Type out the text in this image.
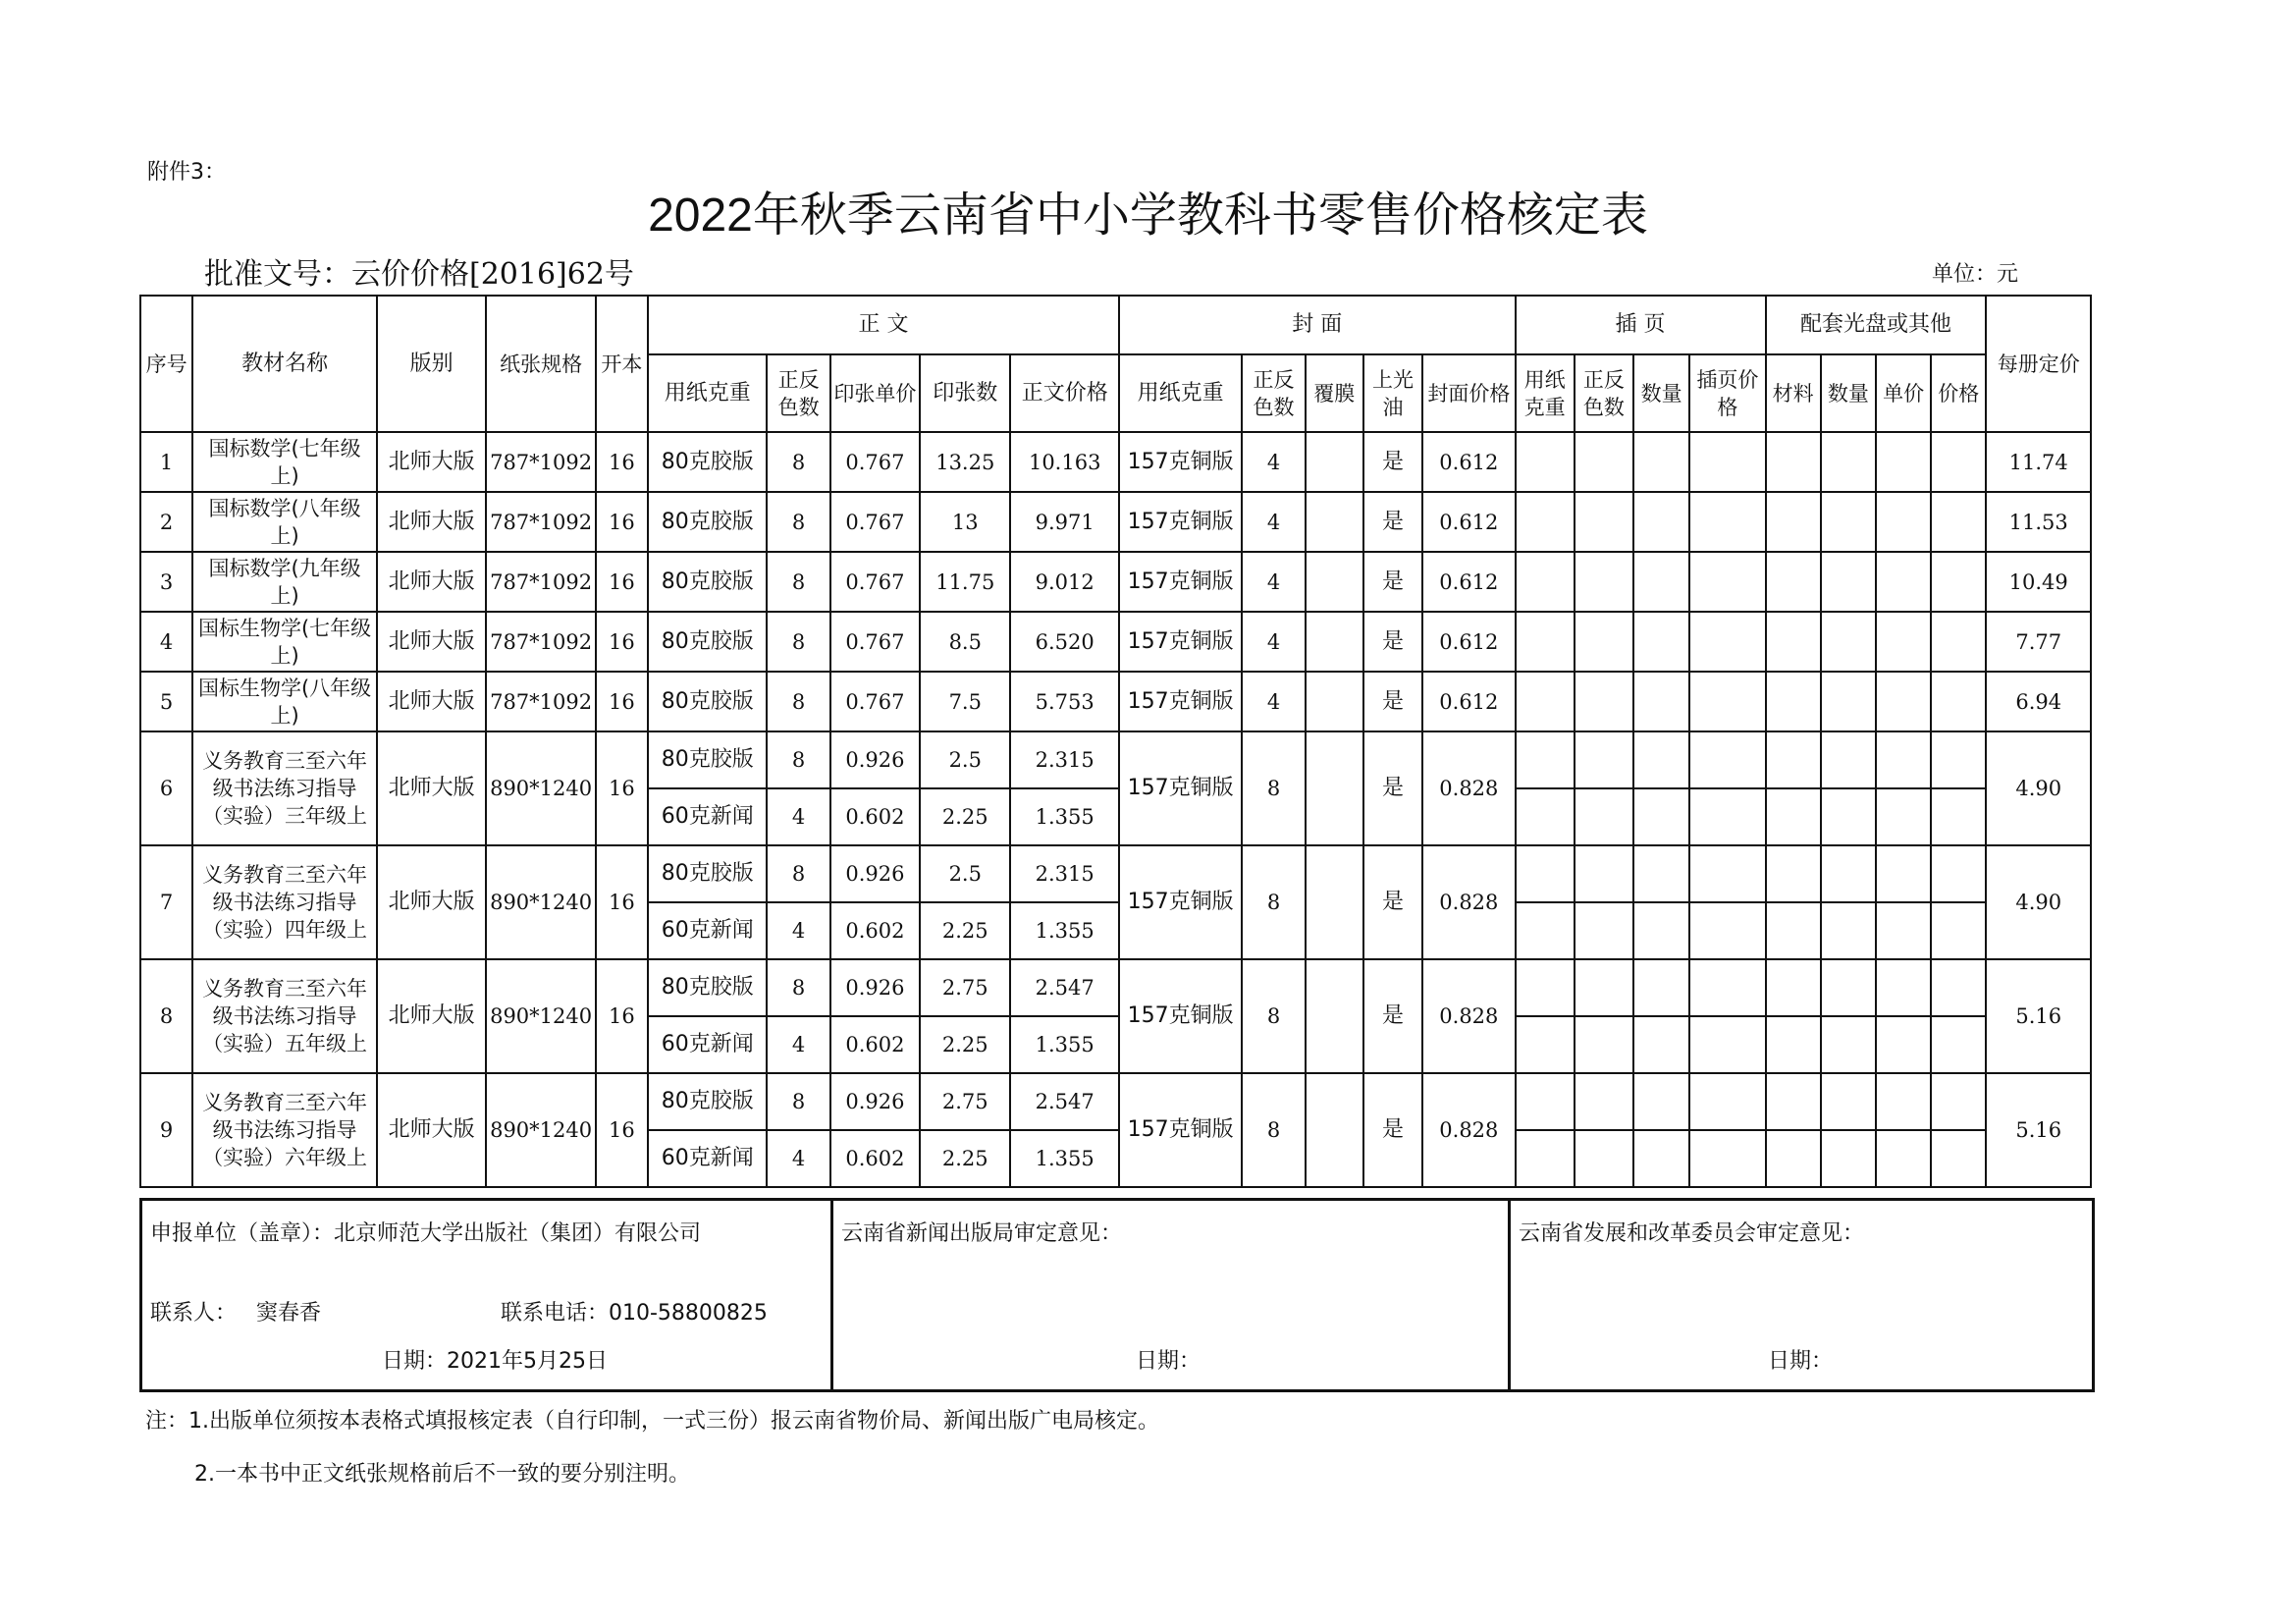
附件3：
2022年秋季云南省中小学教科书零售价格核定表
批准文号：云价价格[2016]62号	单位：元
序号	教材名称	版别	纸张规格	开本	正 文					封 面					插 页				配套光盘或其他				每册定价
					用纸克重	正反色数	印张单价	印张数	正文价格	用纸克重	正反色数	覆膜	上光油	封面价格	用纸克重	正反色数	数量	插页价格	材料	数量	单价	价格	
1	国标数学(七年级上)	北师大版	787*1092	16	80克胶版	8	0.767	13.25	10.163	157克铜版	4		是	0.612									11.74
2	国标数学(八年级上)	北师大版	787*1092	16	80克胶版	8	0.767	13	9.971	157克铜版	4		是	0.612									11.53
3	国标数学(九年级上)	北师大版	787*1092	16	80克胶版	8	0.767	11.75	9.012	157克铜版	4		是	0.612									10.49
4	国标生物学(七年级上)	北师大版	787*1092	16	80克胶版	8	0.767	8.5	6.520	157克铜版	4		是	0.612									7.77
5	国标生物学(八年级上)	北师大版	787*1092	16	80克胶版	8	0.767	7.5	5.753	157克铜版	4		是	0.612									6.94
6	义务教育三至六年级书法练习指导（实验）三年级上	北师大版	890*1240	16	80克胶版	8	0.926	2.5	2.315	157克铜版	8		是	0.828									4.90
					60克新闻	4	0.602	2.25	1.355														
7	义务教育三至六年级书法练习指导（实验）四年级上	北师大版	890*1240	16	80克胶版	8	0.926	2.5	2.315	157克铜版	8		是	0.828									4.90
					60克新闻	4	0.602	2.25	1.355														
8	义务教育三至六年级书法练习指导（实验）五年级上	北师大版	890*1240	16	80克胶版	8	0.926	2.75	2.547	157克铜版	8		是	0.828									5.16
					60克新闻	4	0.602	2.25	1.355														
9	义务教育三至六年级书法练习指导（实验）六年级上	北师大版	890*1240	16	80克胶版	8	0.926	2.75	2.547	157克铜版	8		是	0.828									5.16
					60克新闻	4	0.602	2.25	1.355														
申报单位（盖章）：北京师范大学出版社（集团）有限公司
联系人： 窦春香	联系电话：010-58800825
日期：2021年5月25日

云南省新闻出版局审定意见：
日期：

云南省发展和改革委员会审定意见：
日期：
注：1.出版单位须按本表格式填报核定表（自行印制，一式三份）报云南省物价局、新闻出版广电局核定。
2.一本书中正文纸张规格前后不一致的要分别注明。
